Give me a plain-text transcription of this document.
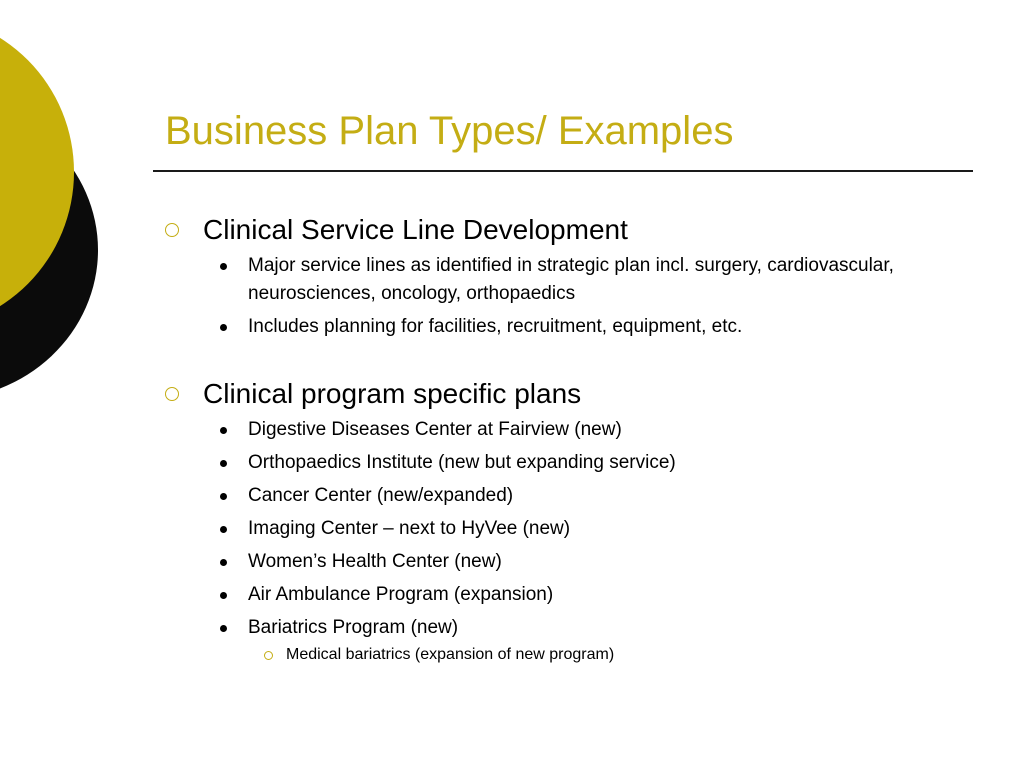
Business Plan Types/ Examples
Clinical Service Line Development
Major service lines as identified in strategic plan incl. surgery, cardiovascular, neurosciences, oncology, orthopaedics
Includes planning for facilities, recruitment, equipment, etc.
Clinical program specific plans
Digestive Diseases Center at Fairview (new)
Orthopaedics Institute (new but expanding service)
Cancer Center (new/expanded)
Imaging Center – next to HyVee (new)
Women’s Health Center (new)
Air Ambulance Program (expansion)
Bariatrics Program (new)
Medical bariatrics (expansion of new program)
